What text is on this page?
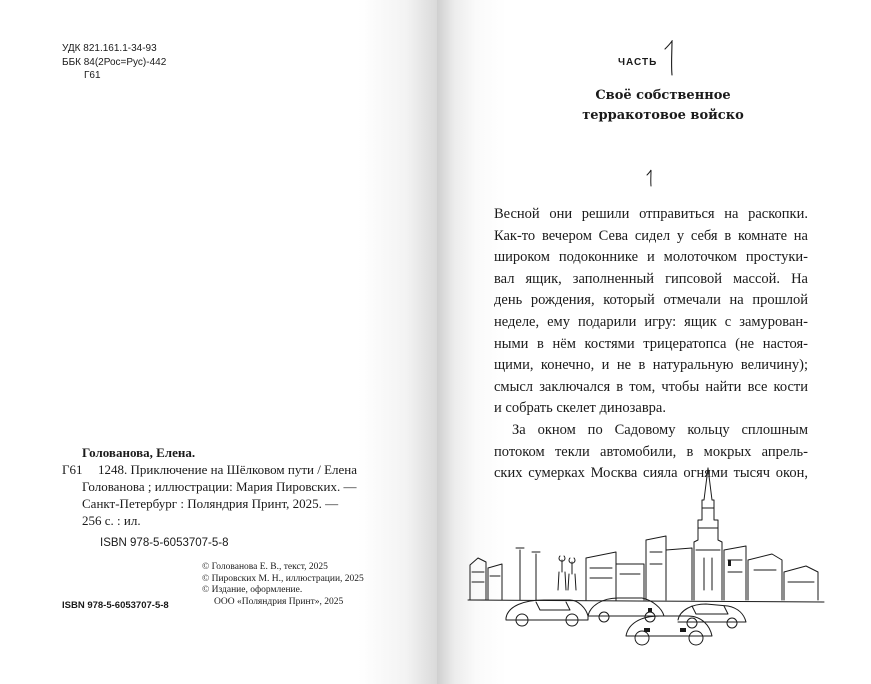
УДК 821.161.1-34-93
ББК 84(2Рос=Рус)-442
Г61
Голованова, Елена.
Г61	1248. Приключение на Шёлковом пути / Елена
Голованова ; иллюстрации: Мария Пировских. —
Санкт-Петербург : Поляндрия Принт, 2025. —
256 с. : ил.
ISBN 978-5-6053707-5-8
© Голованова Е. В., текст, 2025
© Пировских М. Н., иллюстрации, 2025
© Издание, оформление.
ООО «Поляндрия Принт», 2025
ISBN 978-5-6053707-5-8
ЧАСТЬ
Своё собственное
терракотовое войско
Весной они решили отправиться на раскопки.
Как-то вечером Сева сидел у себя в комнате на
широком подоконнике и молоточком простуки-
вал ящик, заполненный гипсовой массой. На
день рождения, который отмечали на прошлой
неделе, ему подарили игру: ящик с замурован-
ными в нём костями трицератопса (не настоя-
щими, конечно, и не в натуральную величину);
смысл заключался в том, чтобы найти все кости
и собрать скелет динозавра.
За окном по Садовому кольцу сплошным
потоком текли автомобили, в мокрых апрель-
ских сумерках Москва сияла огнями тысяч окон,
